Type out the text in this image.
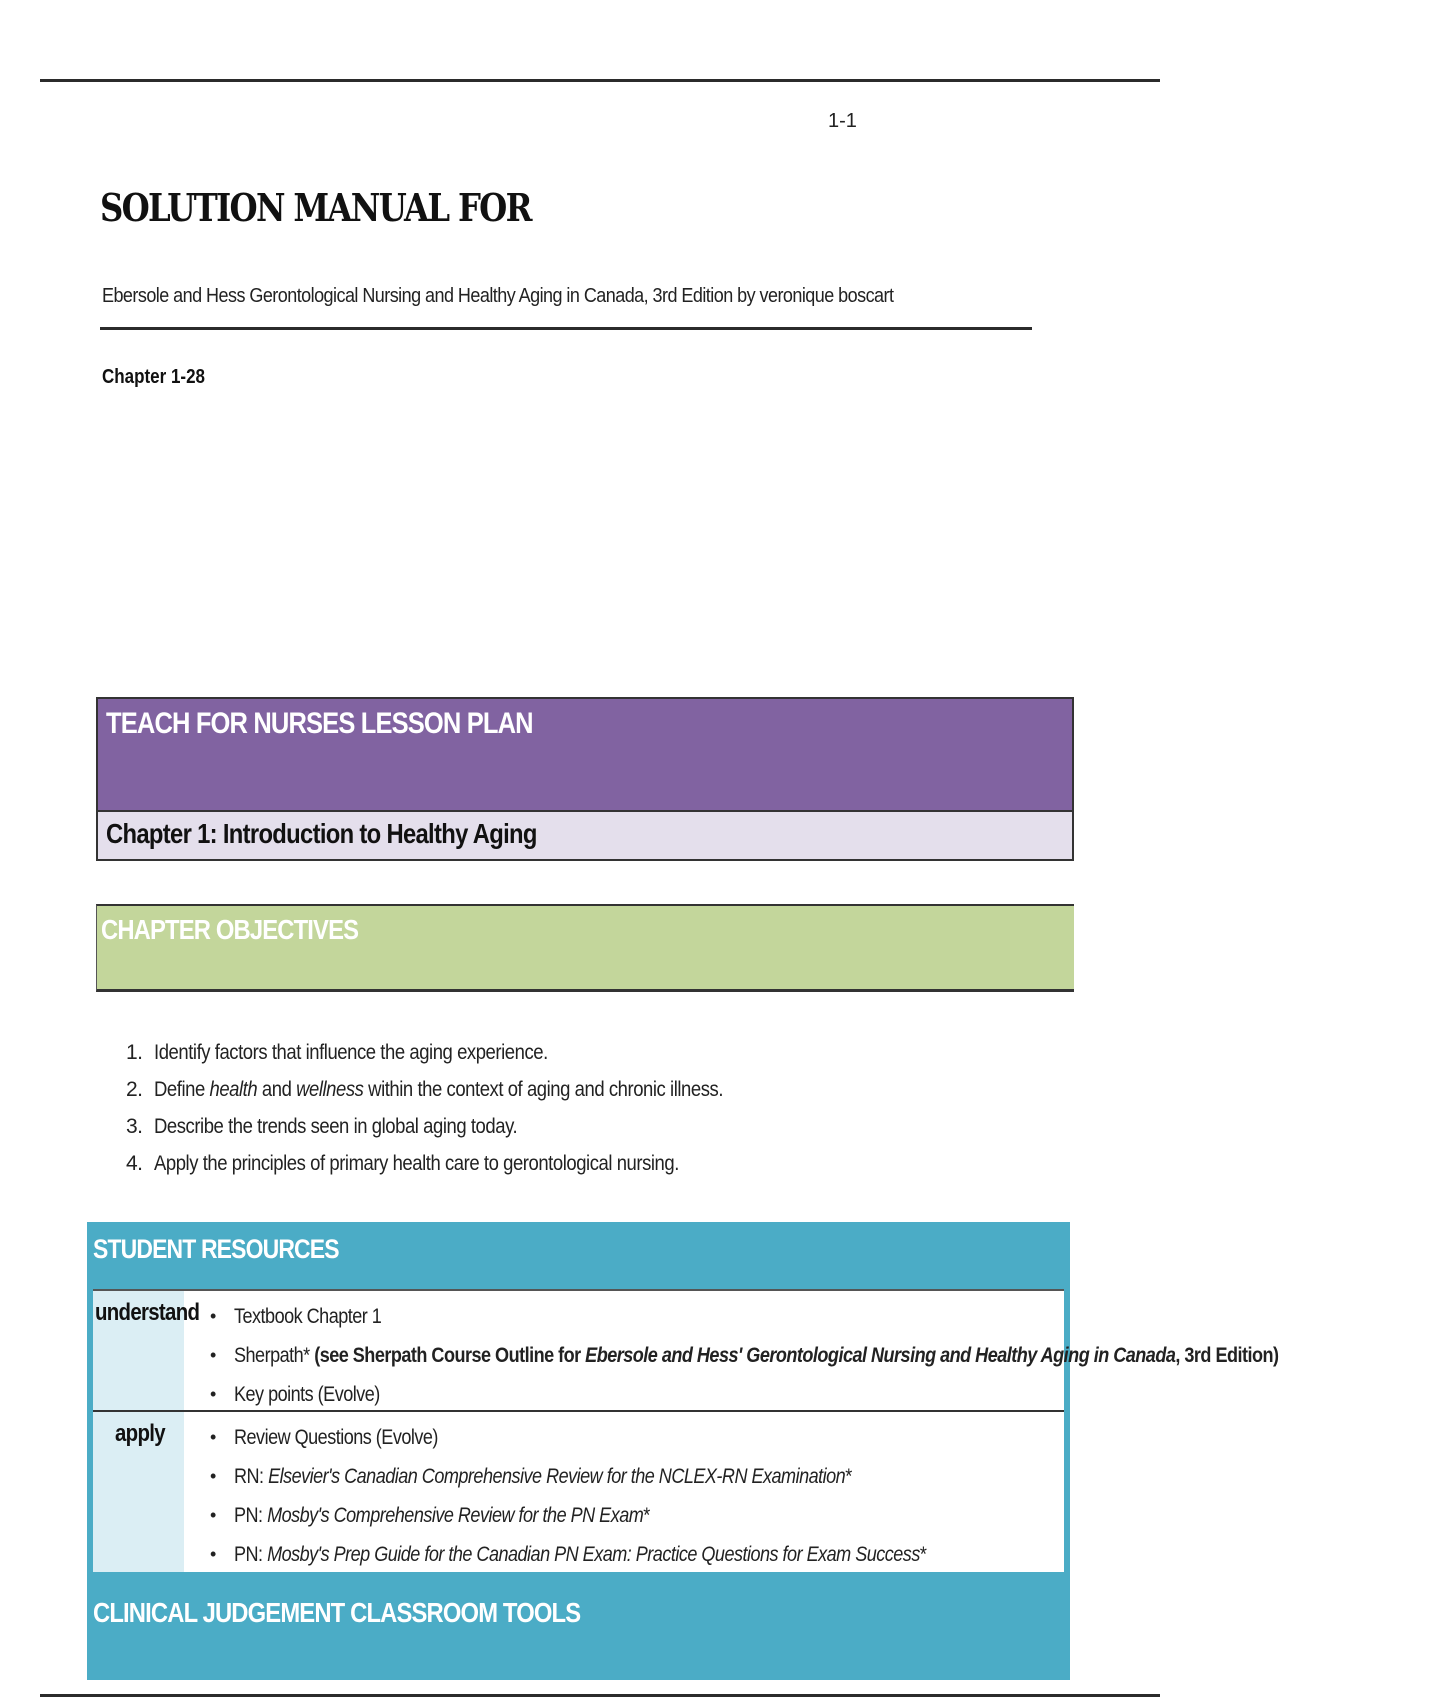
1-1
SOLUTION MANUAL FOR
Ebersole and Hess Gerontological Nursing and Healthy Aging in Canada, 3rd Edition by veronique boscart
Chapter 1-28
TEACH FOR NURSES LESSON PLAN
Chapter 1: Introduction to Healthy Aging
CHAPTER OBJECTIVES
1. Identify factors that influence the aging experience.
2. Define health and wellness within the context of aging and chronic illness.
3. Describe the trends seen in global aging today.
4. Apply the principles of primary health care to gerontological nursing.
STUDENT RESOURCES
understand • Textbook Chapter 1
• Sherpath* (see Sherpath Course Outline for Ebersole and Hess' Gerontological Nursing and Healthy Aging in Canada, 3rd Edition)
• Key points (Evolve)
apply	• Review Questions (Evolve)
• RN: Elsevier's Canadian Comprehensive Review for the NCLEX-RN Examination*
• PN: Mosby's Comprehensive Review for the PN Exam*
• PN: Mosby's Prep Guide for the Canadian PN Exam: Practice Questions for Exam Success*
CLINICAL JUDGEMENT CLASSROOM TOOLS
